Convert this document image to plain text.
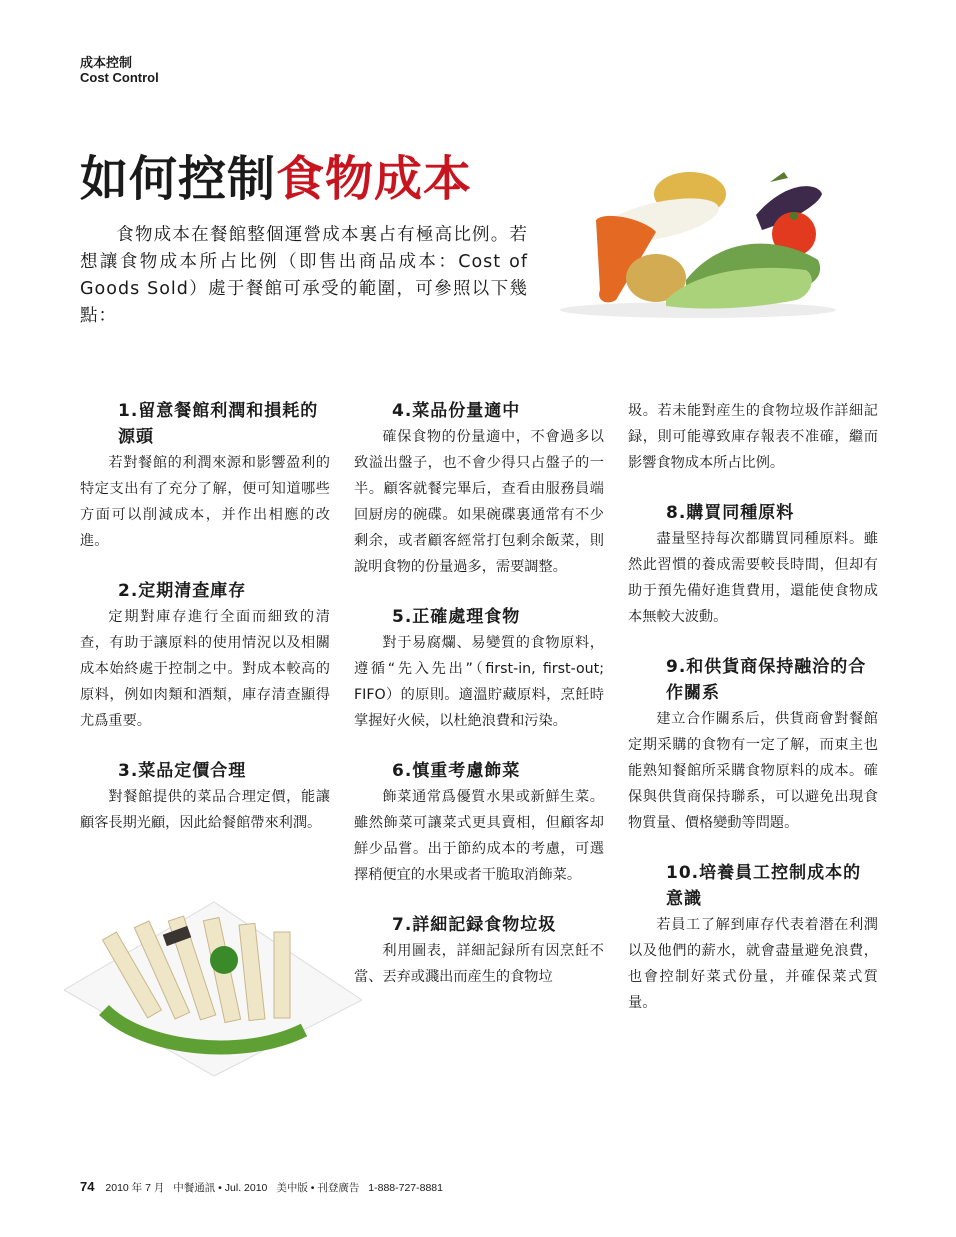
成本控制
Cost Control
如何控制食物成本
食物成本在餐館整個運營成本裏占有極高比例。若想讓食物成本所占比例（即售出商品成本：Cost of Goods Sold）處于餐館可承受的範圍，可參照以下幾點：
1.留意餐館利潤和損耗的源頭

若對餐館的利潤來源和影響盈利的特定支出有了充分了解，便可知道哪些方面可以削減成本，并作出相應的改進。

2.定期清查庫存

定期對庫存進行全面而細致的清查，有助于讓原料的使用情況以及相關成本始終處于控制之中。對成本較高的原料，例如肉類和酒類，庫存清查顯得尤爲重要。

3.菜品定價合理

對餐館提供的菜品合理定價，能讓顧客長期光顧，因此給餐館帶來利潤。

4.菜品份量適中

確保食物的份量適中，不會過多以致溢出盤子，也不會少得只占盤子的一半。顧客就餐完畢后，查看由服務員端回厨房的碗碟。如果碗碟裏通常有不少剩余，或者顧客經常打包剩余飯菜，則說明食物的份量過多，需要調整。

5.正確處理食物

對于易腐爛、易變質的食物原料，遵循“先入先出”（first-in, first-out; FIFO）的原則。適溫貯藏原料，烹飪時掌握好火候，以杜絶浪費和污染。

6.慎重考慮飾菜

飾菜通常爲優質水果或新鮮生菜。雖然飾菜可讓菜式更具賣相，但顧客却鮮少品嘗。出于節約成本的考慮，可選擇稍便宜的水果或者干脆取消飾菜。

7.詳細記録食物垃圾

利用圖表，詳細記録所有因烹飪不當、丟弃或濺出而産生的食物垃

圾。若未能對産生的食物垃圾作詳細記録，則可能導致庫存報表不准確，繼而影響食物成本所占比例。

8.購買同種原料

盡量堅持每次都購買同種原料。雖然此習慣的養成需要較長時間，但却有助于預先備好進貨費用，還能使食物成本無較大波動。

9.和供貨商保持融洽的合作關系

建立合作關系后，供貨商會對餐館定期采購的食物有一定了解，而東主也能熟知餐館所采購食物原料的成本。確保與供貨商保持聯系，可以避免出現食物質量、價格變動等問題。

10.培養員工控制成本的意識

若員工了解到庫存代表着潜在利潤以及他們的薪水，就會盡量避免浪費，也會控制好菜式份量，并確保菜式質量。

74 2010 年 7 月 中餐通訊 • Jul. 2010 美中版 • 刊登廣告 1-888-727-8881
